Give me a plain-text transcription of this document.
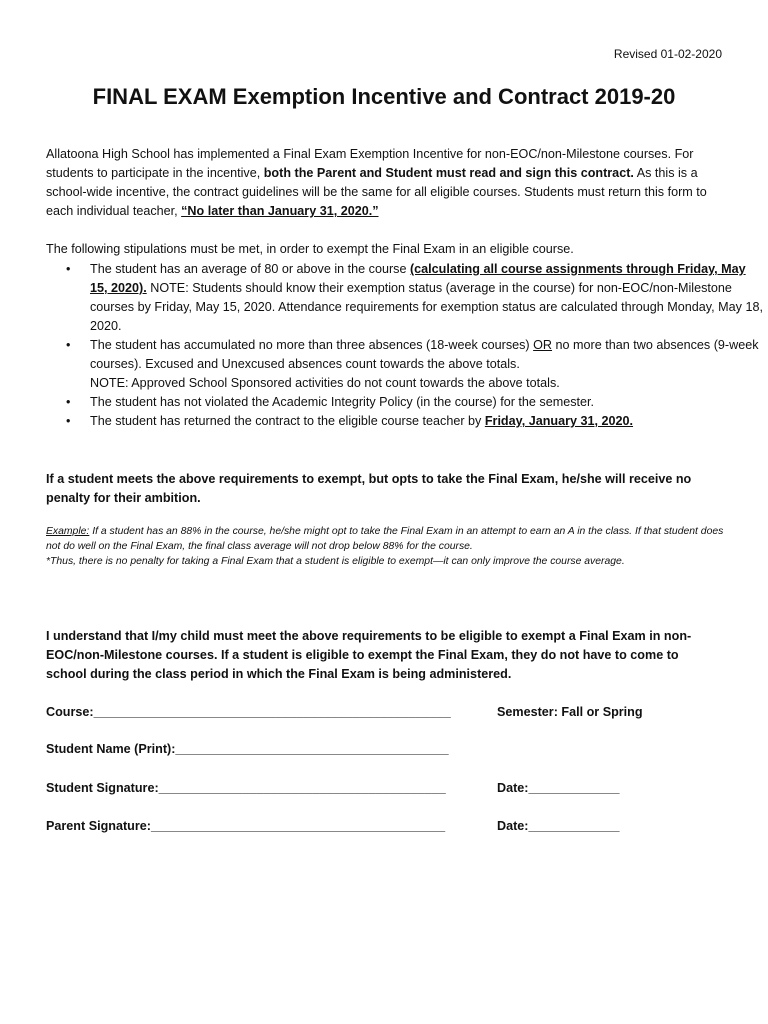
Revised 01-02-2020
FINAL EXAM Exemption Incentive and Contract 2019-20

Allatoona High School has implemented a Final Exam Exemption Incentive for non-EOC/non-Milestone courses. For students to participate in the incentive, both the Parent and Student must read and sign this contract. As this is a school-wide incentive, the contract guidelines will be the same for all eligible courses. Students must return this form to each individual teacher, “No later than January 31, 2020.”

The following stipulations must be met, in order to exempt the Final Exam in an eligible course.

• The student has an average of 80 or above in the course (calculating all course assignments through Friday, May 15, 2020). NOTE: Students should know their exemption status (average in the course) for non-EOC/non-Milestone courses by Friday, May 15, 2020. Attendance requirements for exemption status are calculated through Monday, May 18, 2020.
• The student has accumulated no more than three absences (18-week courses) OR no more than two absences (9-week courses). Excused and Unexcused absences count towards the above totals.
NOTE: Approved School Sponsored activities do not count towards the above totals.
• The student has not violated the Academic Integrity Policy (in the course) for the semester.
• The student has returned the contract to the eligible course teacher by Friday, January 31, 2020.

If a student meets the above requirements to exempt, but opts to take the Final Exam, he/she will receive no penalty for their ambition.

Example: If a student has an 88% in the course, he/she might opt to take the Final Exam in an attempt to earn an A in the class. If that student does not do well on the Final Exam, the final class average will not drop below 88% for the course.
*Thus, there is no penalty for taking a Final Exam that a student is eligible to exempt—it can only improve the course average.

I understand that I/my child must meet the above requirements to be eligible to exempt a Final Exam in non-EOC/non-Milestone courses. If a student is eligible to exempt the Final Exam, they do not have to come to school during the class period in which the Final Exam is being administered.

Course:___________________________________________________	Semester: Fall or Spring
Student Name (Print):_______________________________________
Student Signature:_________________________________________	Date:_____________
Parent Signature:__________________________________________	Date:_____________
